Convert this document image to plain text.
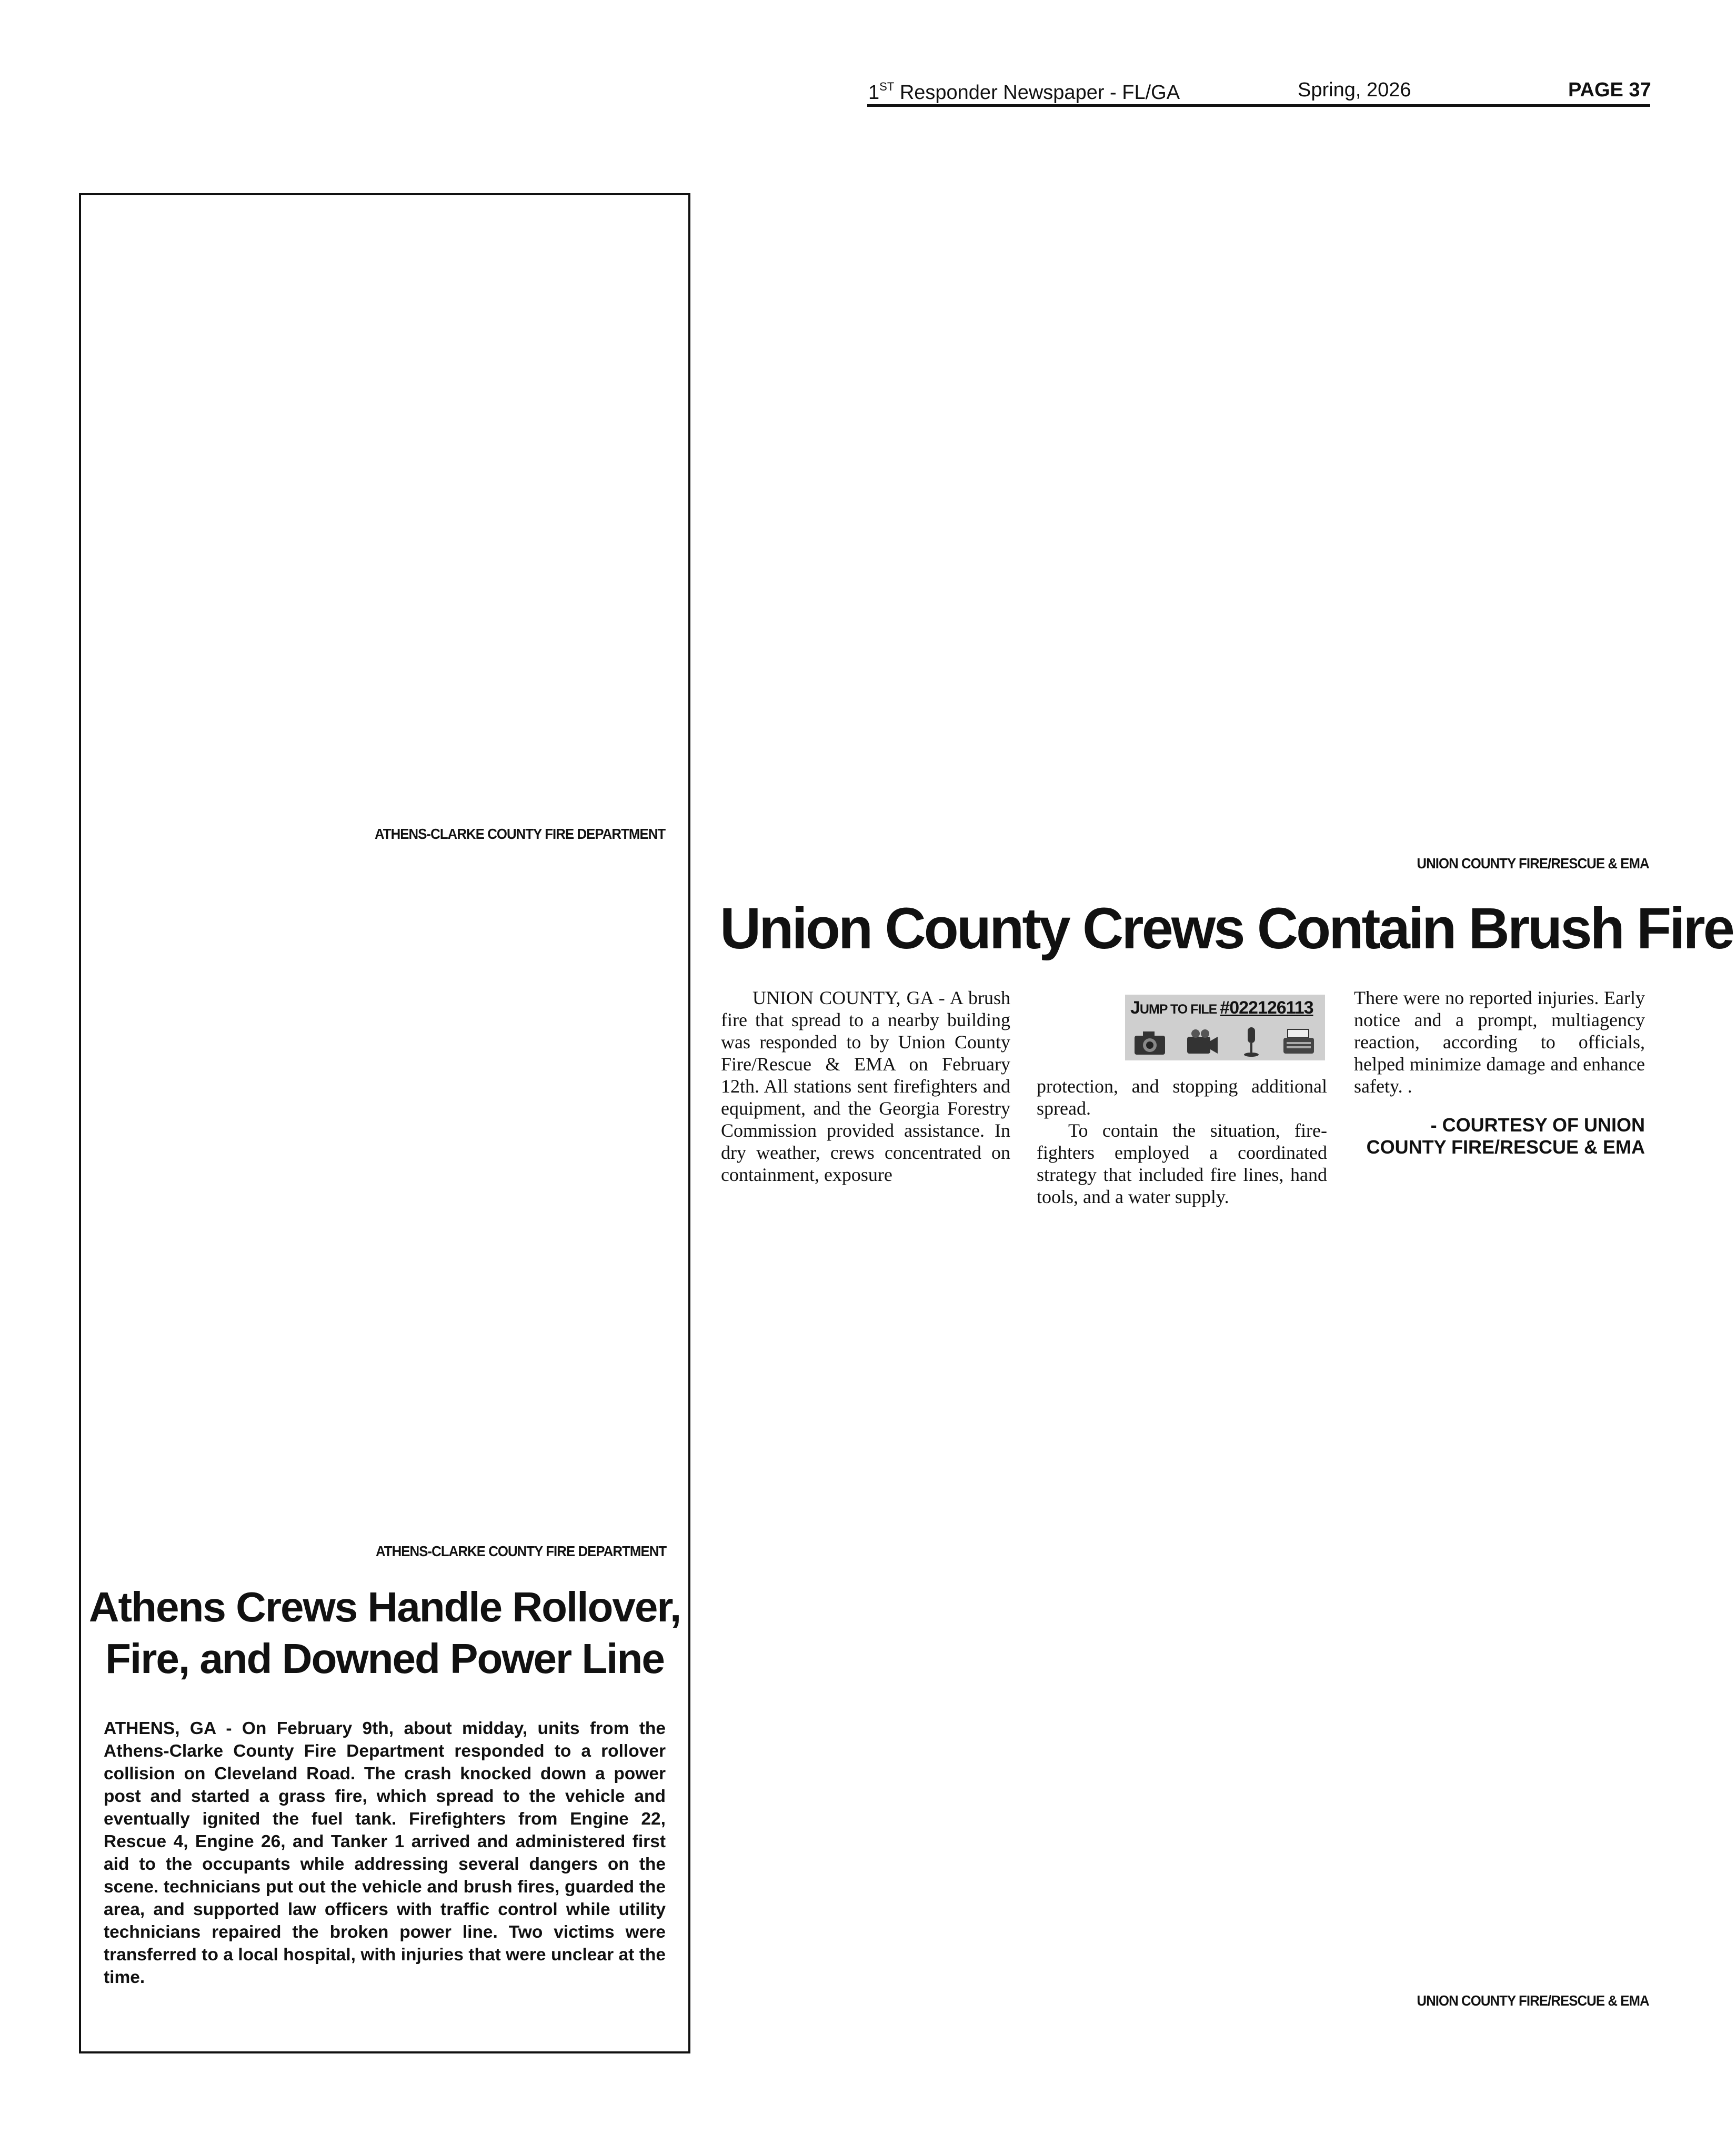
1ST Responder Newspaper - FL/GA	Spring, 2026	PAGE 37
ATHENS-CLARKE COUNTY FIRE DEPARTMENT
ATHENS-CLARKE COUNTY FIRE DEPARTMENT
Athens Crews Handle Rollover,
Fire, and Downed Power Line
ATHENS, GA - On February 9th, about midday, units from the Athens-Clarke County Fire Department responded to a rollover collision on Cleveland Road. The crash knocked down a power post and started a grass fire, which spread to the vehicle and eventually ignited the fuel tank. Firefighters from Engine 22, Rescue 4, Engine 26, and Tanker 1 arrived and administered first aid to the occupants while addressing several dangers on the scene. technicians put out the vehicle and brush fires, guarded the area, and supported law officers with traffic control while utility technicians repaired the broken power line. Two victims were transferred to a local hospital, with injuries that were unclear at the time.
UNION COUNTY FIRE/RESCUE & EMA
Union County Crews Contain Brush Fire

UNION COUNTY, GA - A brush fire that spread to a nearby building was responded to by Union County Fire/Rescue & EMA on February 12th. All stations sent firefighters and equipment, and the Georgia Forestry Commission provided assistance. In dry weather, crews concentrated on containment, exposure

JUMP TO FILE #022126113

protection, and stopping additional spread.

To contain the situation, firefighters employed a coordinated strategy that included fire lines, hand tools, and a water supply.

There were no reported injuries. Early notice and a prompt, multiagency reaction, according to officials, helped minimize damage and enhance safety. .

- COURTESY OF UNION
COUNTY FIRE/RESCUE & EMA
UNION COUNTY FIRE/RESCUE & EMA
